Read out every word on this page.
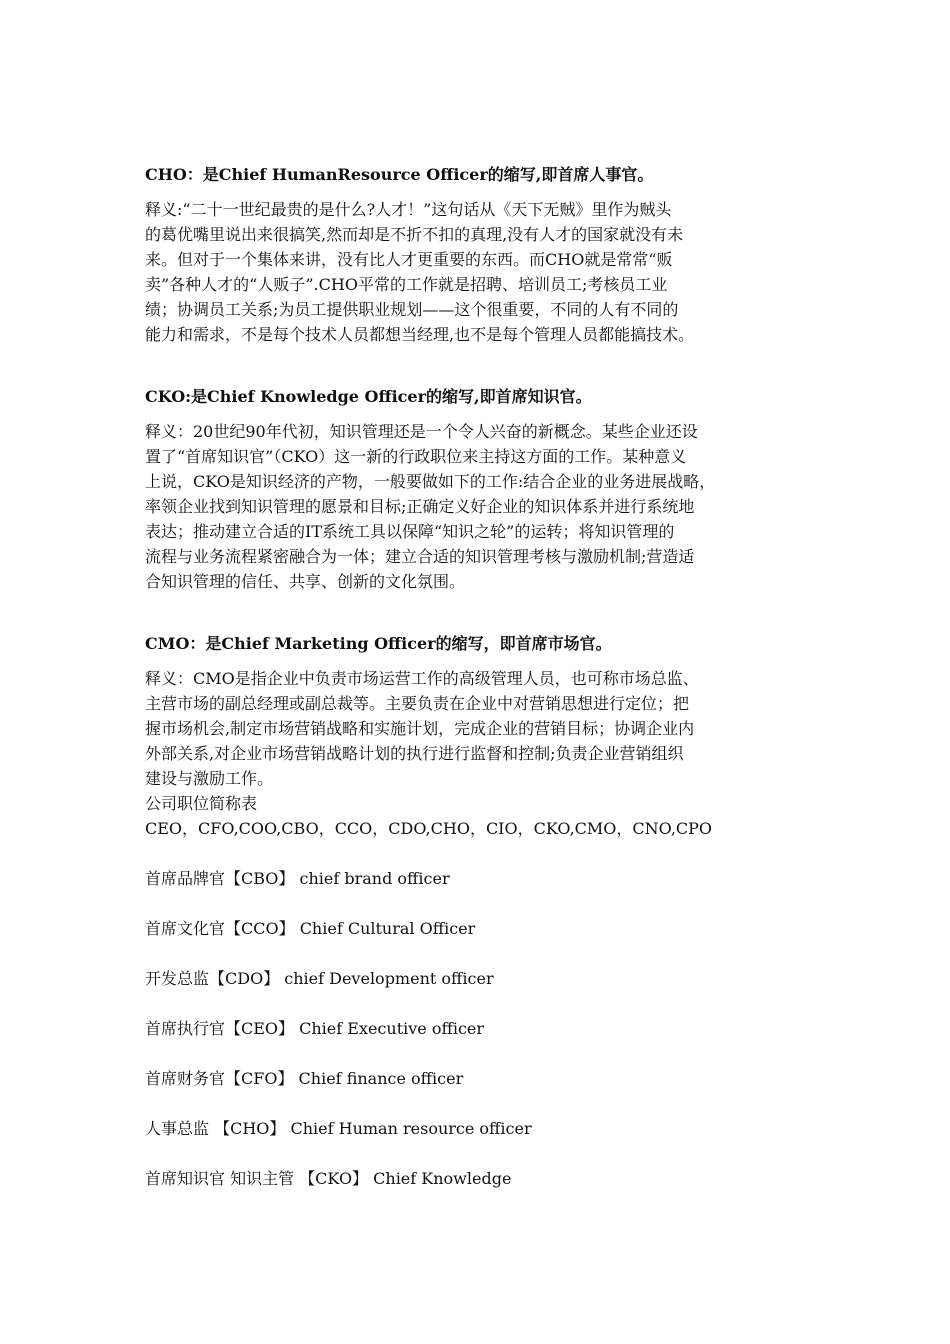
CHO：是Chief HumanResource Officer的缩写,即首席人事官。

释义:“二十一世纪最贵的是什么?人才！”这句话从《天下无贼》里作为贼头
的葛优嘴里说出来很搞笑,然而却是不折不扣的真理,没有人才的国家就没有未
来。但对于一个集体来讲，没有比人才更重要的东西。而CHO就是常常“贩
卖”各种人才的“人贩子”.CHO平常的工作就是招聘、培训员工;考核员工业
绩；协调员工关系;为员工提供职业规划——这个很重要，不同的人有不同的
能力和需求，不是每个技术人员都想当经理,也不是每个管理人员都能搞技术。

CKO:是Chief Knowledge Officer的缩写,即首席知识官。

释义：20世纪90年代初，知识管理还是一个令人兴奋的新概念。某些企业还设
置了“首席知识官”（CKO）这一新的行政职位来主持这方面的工作。某种意义
上说，CKO是知识经济的产物，一般要做如下的工作:结合企业的业务进展战略，
率领企业找到知识管理的愿景和目标;正确定义好企业的知识体系并进行系统地
表达；推动建立合适的IT系统工具以保障“知识之轮”的运转；将知识管理的
流程与业务流程紧密融合为一体；建立合适的知识管理考核与激励机制;营造适
合知识管理的信任、共享、创新的文化氛围。

CMO：是Chief Marketing Officer的缩写，即首席市场官。

释义：CMO是指企业中负责市场运营工作的高级管理人员，也可称市场总监、
主营市场的副总经理或副总裁等。主要负责在企业中对营销思想进行定位；把
握市场机会,制定市场营销战略和实施计划，完成企业的营销目标；协调企业内
外部关系,对企业市场营销战略计划的执行进行监督和控制;负责企业营销组织
建设与激励工作。
公司职位简称表
CEO，CFO,COO,CBO，CCO，CDO,CHO，CIO，CKO,CMO，CNO,CPO
首席品牌官【CBO】 chief brand officer
首席文化官【CCO】 Chief Cultural Officer
开发总监【CDO】 chief Development officer
首席执行官【CEO】 Chief Executive officer
首席财务官【CFO】 Chief finance officer
人事总监 【CHO】 Chief Human resource officer
首席知识官 知识主管 【CKO】 Chief Knowledge
